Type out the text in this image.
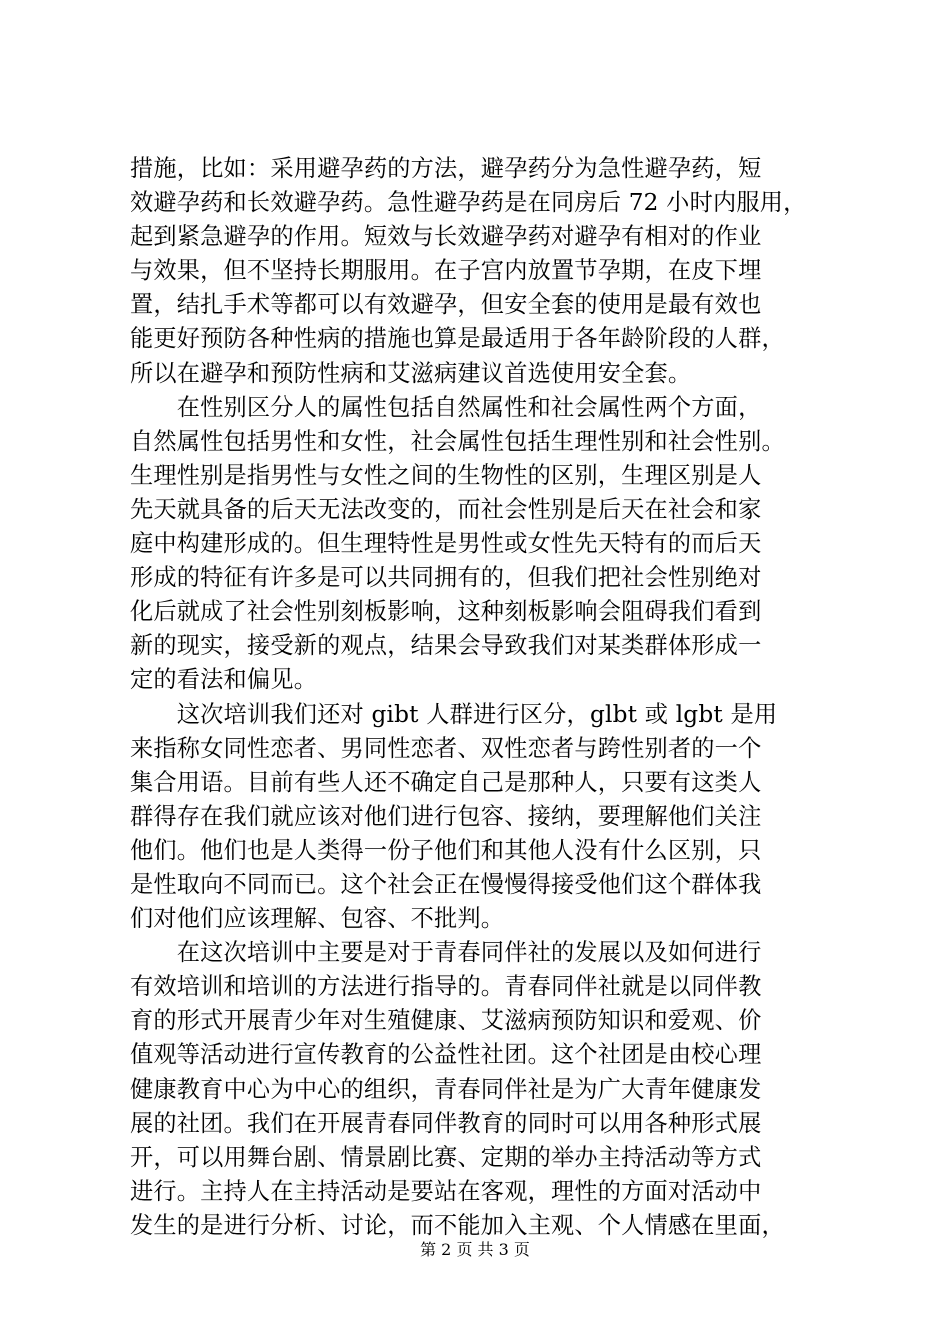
措施，比如：采用避孕药的方法，避孕药分为急性避孕药，短
效避孕药和长效避孕药。急性避孕药是在同房后 72 小时内服用，
起到紧急避孕的作用。短效与长效避孕药对避孕有相对的作业
与效果，但不坚持长期服用。在子宫内放置节孕期，在皮下埋
置，结扎手术等都可以有效避孕，但安全套的使用是最有效也
能更好预防各种性病的措施也算是最适用于各年龄阶段的人群，
所以在避孕和预防性病和艾滋病建议首选使用安全套。
　　在性别区分人的属性包括自然属性和社会属性两个方面，
自然属性包括男性和女性，社会属性包括生理性别和社会性别。
生理性别是指男性与女性之间的生物性的区别，生理区别是人
先天就具备的后天无法改变的，而社会性别是后天在社会和家
庭中构建形成的。但生理特性是男性或女性先天特有的而后天
形成的特征有许多是可以共同拥有的，但我们把社会性别绝对
化后就成了社会性别刻板影响，这种刻板影响会阻碍我们看到
新的现实，接受新的观点，结果会导致我们对某类群体形成一
定的看法和偏见。
　　这次培训我们还对 gibt 人群进行区分，glbt 或 lgbt 是用
来指称女同性恋者、男同性恋者、双性恋者与跨性别者的一个
集合用语。目前有些人还不确定自己是那种人，只要有这类人
群得存在我们就应该对他们进行包容、接纳，要理解他们关注
他们。他们也是人类得一份子他们和其他人没有什么区别，只
是性取向不同而已。这个社会正在慢慢得接受他们这个群体我
们对他们应该理解、包容、不批判。
　　在这次培训中主要是对于青春同伴社的发展以及如何进行
有效培训和培训的方法进行指导的。青春同伴社就是以同伴教
育的形式开展青少年对生殖健康、艾滋病预防知识和爱观、价
值观等活动进行宣传教育的公益性社团。这个社团是由校心理
健康教育中心为中心的组织，青春同伴社是为广大青年健康发
展的社团。我们在开展青春同伴教育的同时可以用各种形式展
开，可以用舞台剧、情景剧比赛、定期的举办主持活动等方式
进行。主持人在主持活动是要站在客观，理性的方面对活动中
发生的是进行分析、讨论，而不能加入主观、个人情感在里面，
第 2 页 共 3 页
